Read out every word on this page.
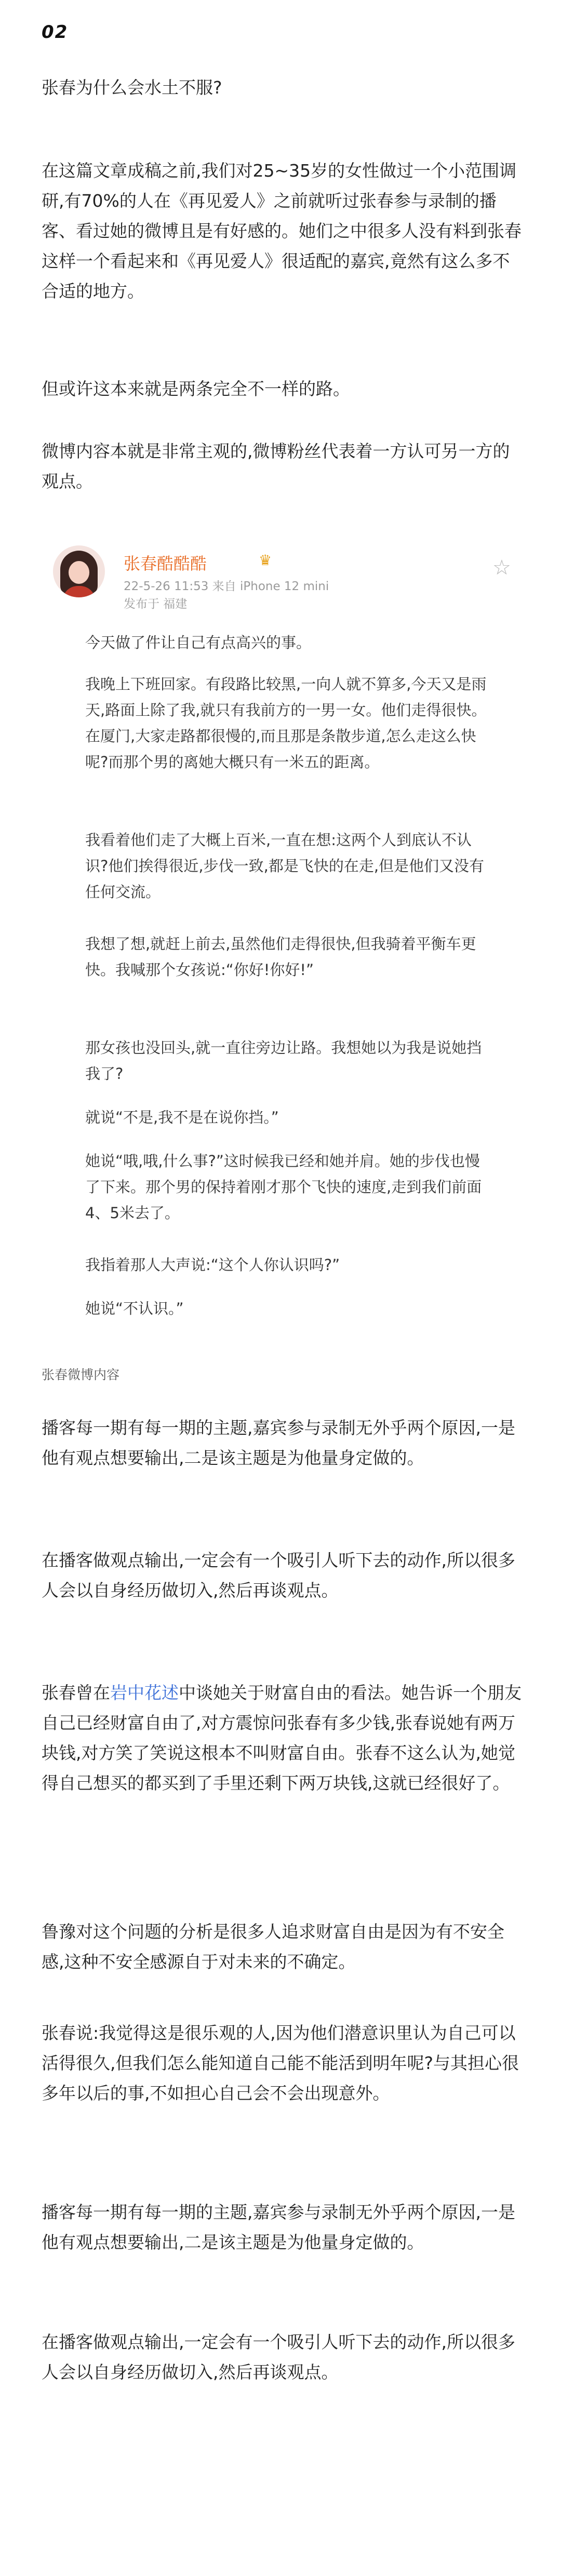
02

张春为什么会水土不服?

在这篇文章成稿之前,我们对25~35岁的女性做过一个小范围调研,有70%的人在《再见爱人》之前就听过张春参与录制的播客、看过她的微博且是有好感的。她们之中很多人没有料到张春这样一个看起来和《再见爱人》很适配的嘉宾,竟然有这么多不合适的地方。

但或许这本来就是两条完全不一样的路。

微博内容本就是非常主观的,微博粉丝代表着一方认可另一方的观点。

张春酷酷酷	♛
22-5-26 11:53 来自 iPhone 12 mini
发布于 福建
☆

今天做了件让自己有点高兴的事。

我晚上下班回家。有段路比较黑,一向人就不算多,今天又是雨天,路面上除了我,就只有我前方的一男一女。他们走得很快。在厦门,大家走路都很慢的,而且那是条散步道,怎么走这么快呢?而那个男的离她大概只有一米五的距离。

我看着他们走了大概上百米,一直在想:这两个人到底认不认识?他们挨得很近,步伐一致,都是飞快的在走,但是他们又没有任何交流。

我想了想,就赶上前去,虽然他们走得很快,但我骑着平衡车更快。我喊那个女孩说:“你好!你好!”

那女孩也没回头,就一直往旁边让路。我想她以为我是说她挡我了?

就说“不是,我不是在说你挡。”

她说“哦,哦,什么事?”这时候我已经和她并肩。她的步伐也慢了下来。那个男的保持着刚才那个飞快的速度,走到我们前面4、5米去了。

我指着那人大声说:“这个人你认识吗?”

她说“不认识。”

张春微博内容

播客每一期有每一期的主题,嘉宾参与录制无外乎两个原因,一是他有观点想要输出,二是该主题是为他量身定做的。

在播客做观点输出,一定会有一个吸引人听下去的动作,所以很多人会以自身经历做切入,然后再谈观点。

张春曾在岩中花述中谈她关于财富自由的看法。她告诉一个朋友自己已经财富自由了,对方震惊问张春有多少钱,张春说她有两万块钱,对方笑了笑说这根本不叫财富自由。张春不这么认为,她觉得自己想买的都买到了手里还剩下两万块钱,这就已经很好了。

鲁豫对这个问题的分析是很多人追求财富自由是因为有不安全感,这种不安全感源自于对未来的不确定。

张春说:我觉得这是很乐观的人,因为他们潜意识里认为自己可以活得很久,但我们怎么能知道自己能不能活到明年呢?与其担心很多年以后的事,不如担心自己会不会出现意外。

播客每一期有每一期的主题,嘉宾参与录制无外乎两个原因,一是他有观点想要输出,二是该主题是为他量身定做的。

在播客做观点输出,一定会有一个吸引人听下去的动作,所以很多人会以自身经历做切入,然后再谈观点。
